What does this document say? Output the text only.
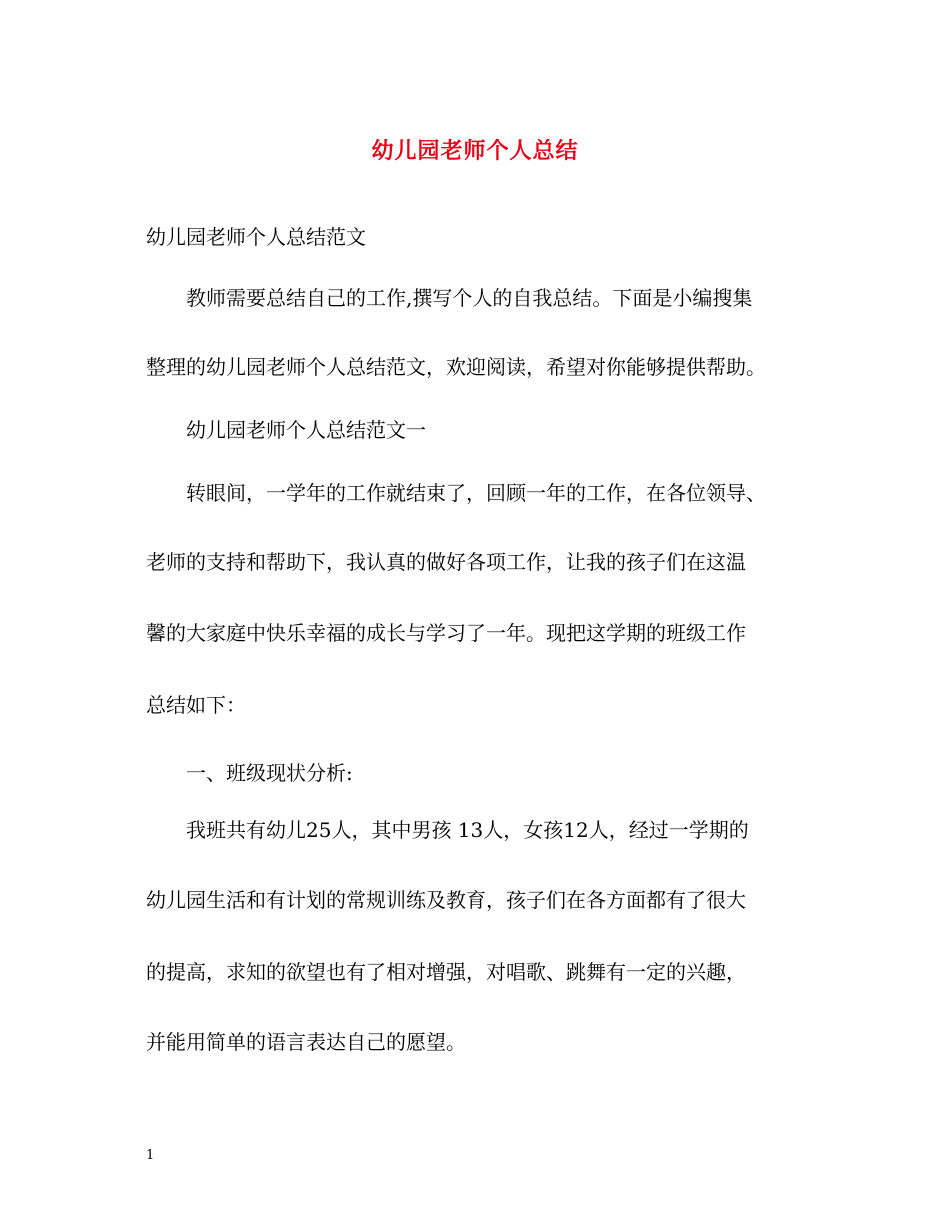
幼儿园老师个人总结
幼儿园老师个人总结范文
教师需要总结自己的工作,撰写个人的自我总结。下面是小编搜集
整理的幼儿园老师个人总结范文，欢迎阅读，希望对你能够提供帮助。
幼儿园老师个人总结范文一
转眼间，一学年的工作就结束了，回顾一年的工作，在各位领导、
老师的支持和帮助下，我认真的做好各项工作，让我的孩子们在这温
馨的大家庭中快乐幸福的成长与学习了一年。现把这学期的班级工作
总结如下：
一、班级现状分析:
我班共有幼儿25人，其中男孩 13人，女孩12人，经过一学期的
幼儿园生活和有计划的常规训练及教育，孩子们在各方面都有了很大
的提高，求知的欲望也有了相对增强，对唱歌、跳舞有一定的兴趣，
并能用简单的语言表达自己的愿望。
1
